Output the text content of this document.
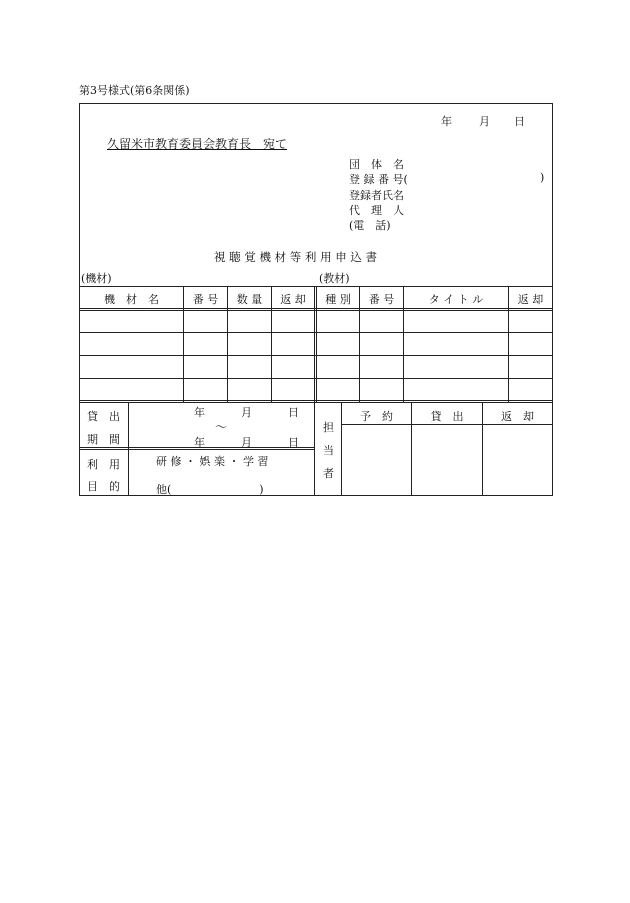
第3号様式(第6条関係)
年 月 日
久留米市教育委員会教育長　宛て
団　体　名
登 録 番 号(	)
登録者氏名
代　理　人
(電　話)
視 聴 覚 機 材 等 利 用 申 込 書
(機材)	(教材)
機　材　名	番 号	数 量	返 却	種 別	番 号	タ イ ト ル	返 却
貸　出
期　間
年	月	日
〜
年	月	日
利　用
目　的
研 修 ・ 娯 楽 ・ 学 習
他(　　　　　　　　)
担
当
者
予　約	貸　出	返　却
